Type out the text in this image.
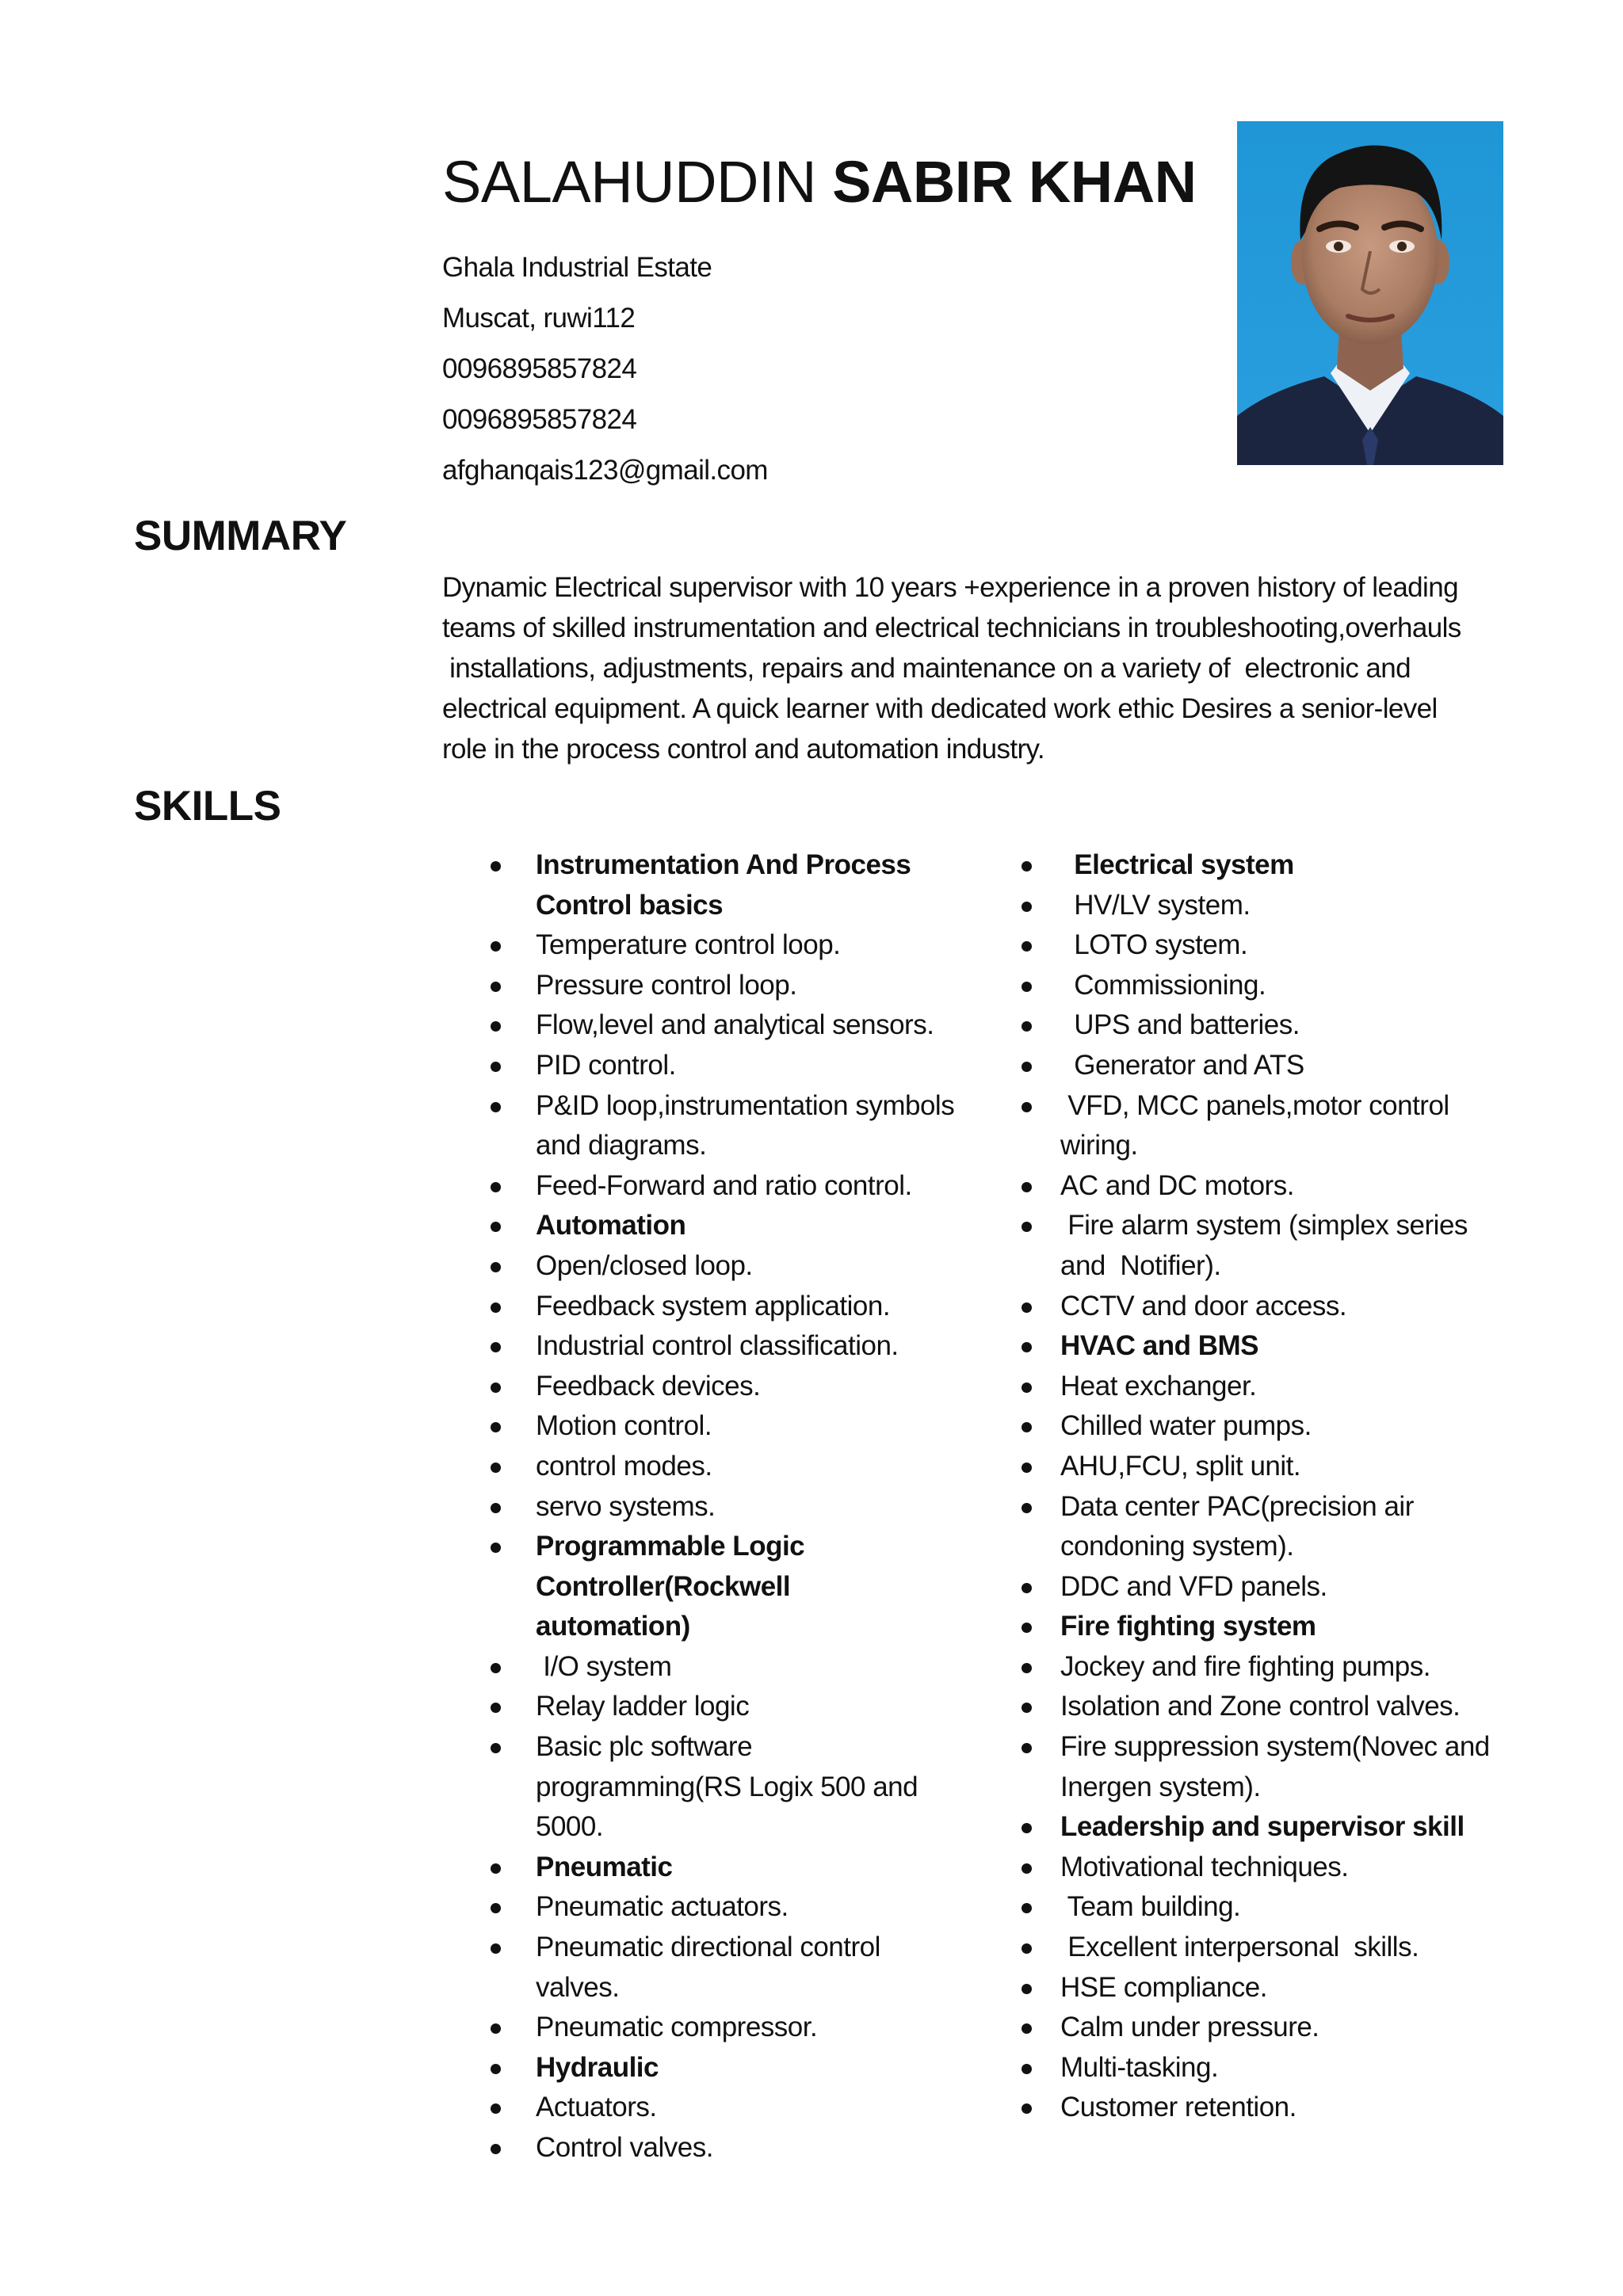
SALAHUDDIN SABIR KHAN
Ghala Industrial Estate
Muscat, ruwi112
0096895857824
0096895857824
afghanqais123@gmail.com
SUMMARY
Dynamic Electrical supervisor with 10 years +experience in a proven history of leading
teams of skilled instrumentation and electrical technicians in troubleshooting,overhauls
installations, adjustments, repairs and maintenance on a variety of  electronic and
electrical equipment. A quick learner with dedicated work ethic Desires a senior-level
role in the process control and automation industry.
SKILLS
Instrumentation And Process
Control basics
Temperature control loop.
Pressure control loop.
Flow,level and analytical sensors.
PID control.
P&ID loop,instrumentation symbols
and diagrams.
Feed-Forward and ratio control.
Automation
Open/closed loop.
Feedback system application.
Industrial control classification.
Feedback devices.
Motion control.
control modes.
servo systems.
Programmable Logic
Controller(Rockwell
automation)
I/O system
Relay ladder logic
Basic plc software
programming(RS Logix 500 and
5000.
Pneumatic
Pneumatic actuators.
Pneumatic directional control
valves.
Pneumatic compressor.
Hydraulic
Actuators.
Control valves.
Electrical system
HV/LV system.
LOTO system.
Commissioning.
UPS and batteries.
Generator and ATS
VFD, MCC panels,motor control
wiring.
AC and DC motors.
Fire alarm system (simplex series
and  Notifier).
CCTV and door access.
HVAC and BMS
Heat exchanger.
Chilled water pumps.
AHU,FCU, split unit.
Data center PAC(precision air
condoning system).
DDC and VFD panels.
Fire fighting system
Jockey and fire fighting pumps.
Isolation and Zone control valves.
Fire suppression system(Novec and
Inergen system).
Leadership and supervisor skill
Motivational techniques.
Team building.
Excellent interpersonal  skills.
HSE compliance.
Calm under pressure.
Multi-tasking.
Customer retention.
